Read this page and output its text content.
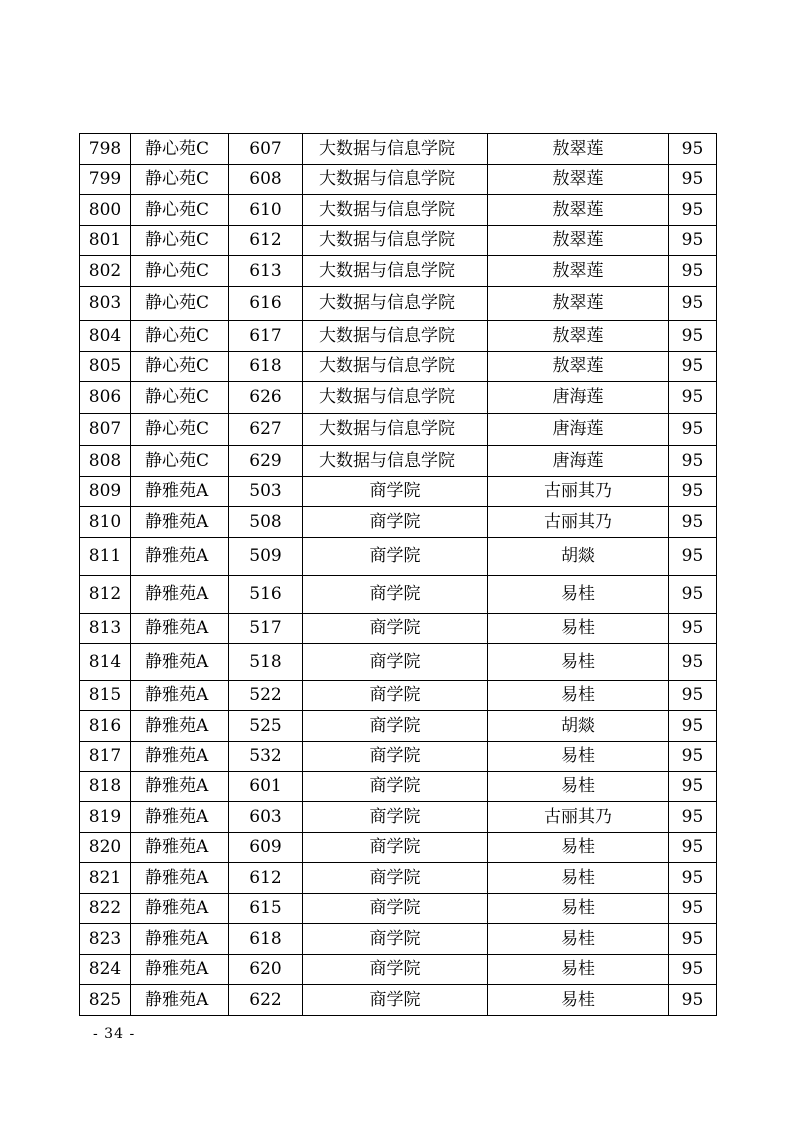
798	静心苑C	607	大数据与信息学院	敖翠莲	95
799	静心苑C	608	大数据与信息学院	敖翠莲	95
800	静心苑C	610	大数据与信息学院	敖翠莲	95
801	静心苑C	612	大数据与信息学院	敖翠莲	95
802	静心苑C	613	大数据与信息学院	敖翠莲	95
803	静心苑C	616	大数据与信息学院	敖翠莲	95
804	静心苑C	617	大数据与信息学院	敖翠莲	95
805	静心苑C	618	大数据与信息学院	敖翠莲	95
806	静心苑C	626	大数据与信息学院	唐海莲	95
807	静心苑C	627	大数据与信息学院	唐海莲	95
808	静心苑C	629	大数据与信息学院	唐海莲	95
809	静雅苑A	503	商学院	古丽其乃	95
810	静雅苑A	508	商学院	古丽其乃	95
811	静雅苑A	509	商学院	胡燚	95
812	静雅苑A	516	商学院	易桂	95
813	静雅苑A	517	商学院	易桂	95
814	静雅苑A	518	商学院	易桂	95
815	静雅苑A	522	商学院	易桂	95
816	静雅苑A	525	商学院	胡燚	95
817	静雅苑A	532	商学院	易桂	95
818	静雅苑A	601	商学院	易桂	95
819	静雅苑A	603	商学院	古丽其乃	95
820	静雅苑A	609	商学院	易桂	95
821	静雅苑A	612	商学院	易桂	95
822	静雅苑A	615	商学院	易桂	95
823	静雅苑A	618	商学院	易桂	95
824	静雅苑A	620	商学院	易桂	95
825	静雅苑A	622	商学院	易桂	95
- 34 -
